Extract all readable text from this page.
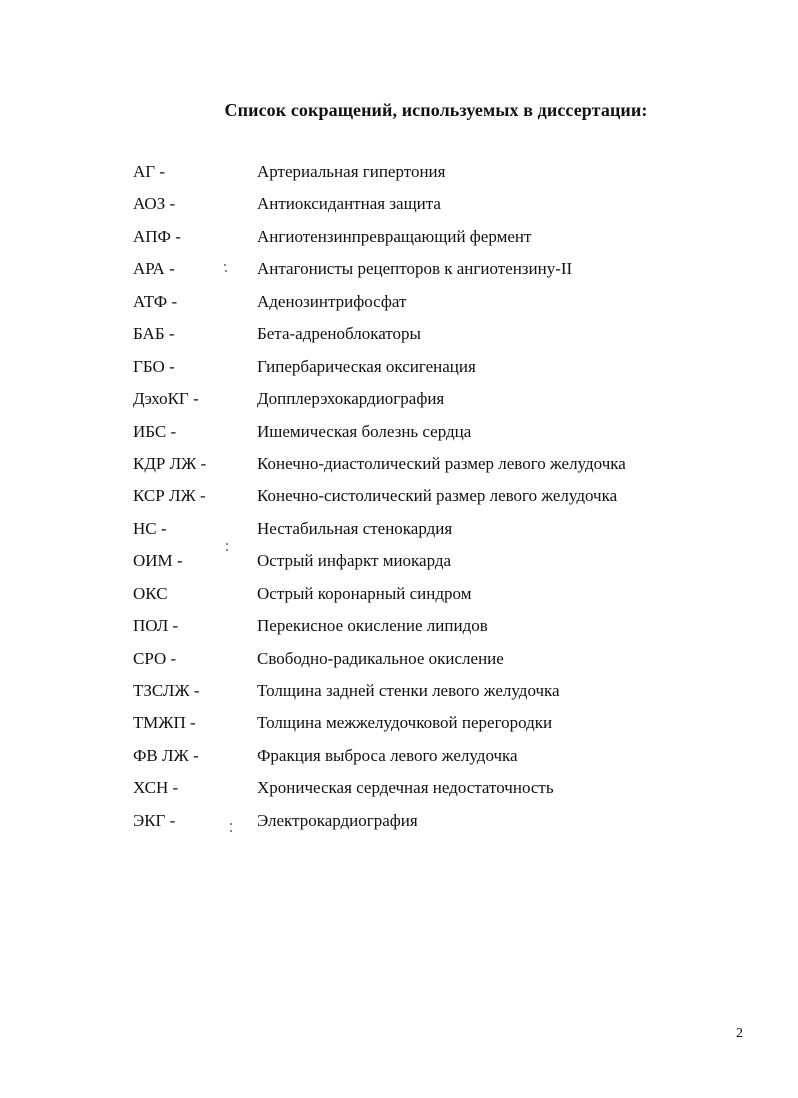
Список сокращений, используемых в диссертации:
АГ -	Артериальная гипертония
АОЗ -	Антиоксидантная защита
АПФ -	Ангиотензинпревращающий фермент
АРА -	Антагонисты рецепторов к ангиотензину-II
АТФ -	Аденозинтрифосфат
БАБ -	Бета-адреноблокаторы
ГБО -	Гипербарическая оксигенация
ДэхоКГ -	Допплерэхокардиография
ИБС -	Ишемическая болезнь сердца
КДР ЛЖ -	Конечно-диастолический размер левого желудочка
КСР ЛЖ -	Конечно-систолический размер левого желудочка
НС -	Нестабильная стенокардия
ОИМ -	Острый инфаркт миокарда
ОКС	Острый коронарный синдром
ПОЛ -	Перекисное окисление липидов
СРО -	Свободно-радикальное окисление
ТЗСЛЖ -	Толщина задней стенки левого желудочка
ТМЖП -	Толщина межжелудочковой перегородки
ФВ ЛЖ -	Фракция выброса левого желудочка
ХСН -	Хроническая сердечная недостаточность
ЭКГ -	Электрокардиография
2
